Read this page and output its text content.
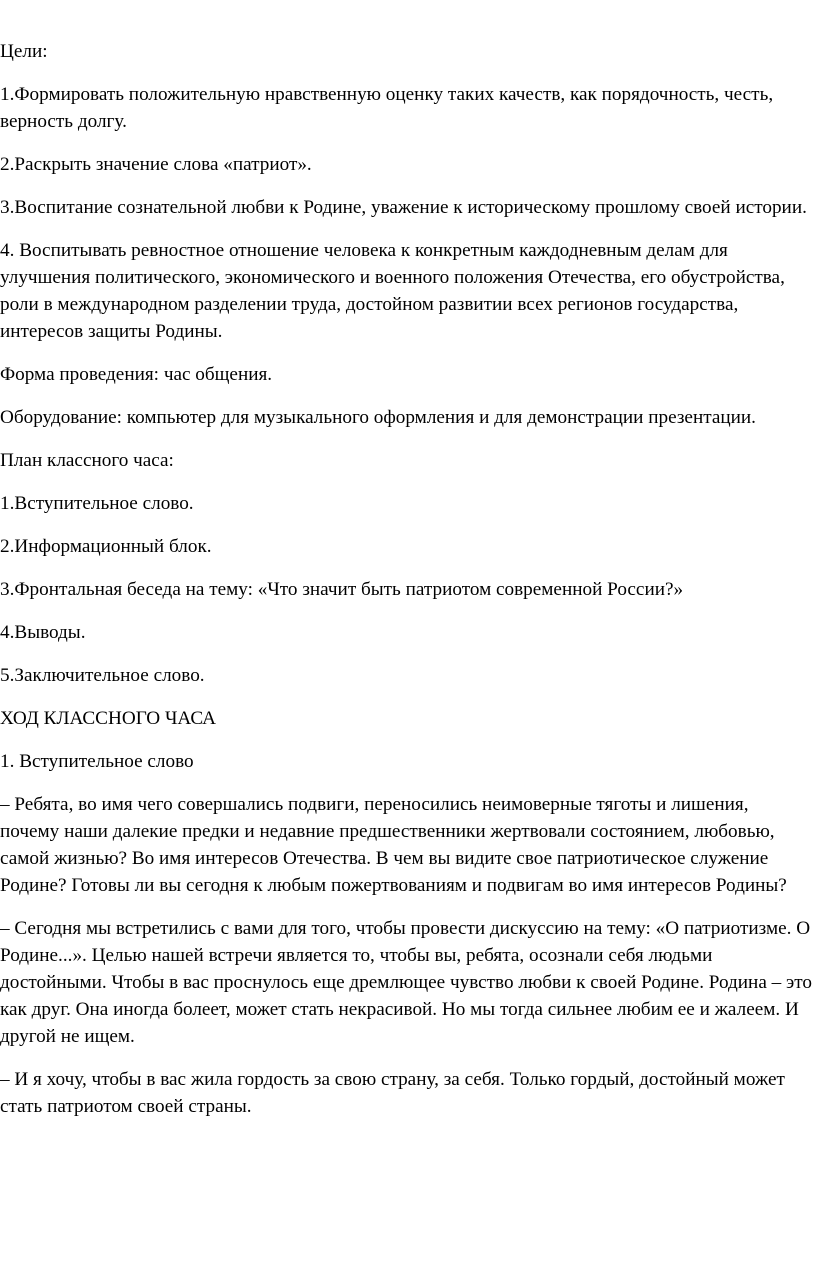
Цели:

1.Формировать положительную нравственную оценку таких качеств, как порядочность, честь, верность долгу.

2.Раскрыть значение слова «патриот».

3.Воспитание сознательной любви к Родине, уважение к историческому прошлому своей истории.

4. Воспитывать ревностное отношение человека к конкретным каждодневным делам для улучшения политического, экономического и военного положения Отечества, его обустройства, роли в международном разделении труда, достойном развитии всех регионов государства, интересов защиты Родины.

Форма проведения: час общения.

Оборудование: компьютер для музыкального оформления и для демонстрации презентации.

План классного часа:

1.Вступительное слово.

2.Информационный блок.

3.Фронтальная беседа на тему: «Что значит быть патриотом современной России?»

4.Выводы.

5.Заключительное слово.

ХОД КЛАССНОГО ЧАСА

1. Вступительное слово

– Ребята, во имя чего совершались подвиги, переносились неимоверные тяготы и лишения, почему наши далекие предки и недавние предшественники жертвовали состоянием, любовью, самой жизнью? Во имя интересов Отечества. В чем вы видите свое патриотическое служение Родине? Готовы ли вы сегодня к любым пожертвованиям и подвигам во имя интересов Родины?

– Сегодня мы встретились с вами для того, чтобы провести дискуссию на тему: «О патриотизме. О Родине...». Целью нашей встречи является то, чтобы вы, ребята, осознали себя людьми достойными. Чтобы в вас проснулось еще дремлющее чувство любви к своей Родине. Родина – это как друг. Она иногда болеет, может стать некрасивой. Но мы тогда сильнее любим ее и жалеем. И другой не ищем.

– И я хочу, чтобы в вас жила гордость за свою страну, за себя. Только гордый, достойный может стать патриотом своей страны.
